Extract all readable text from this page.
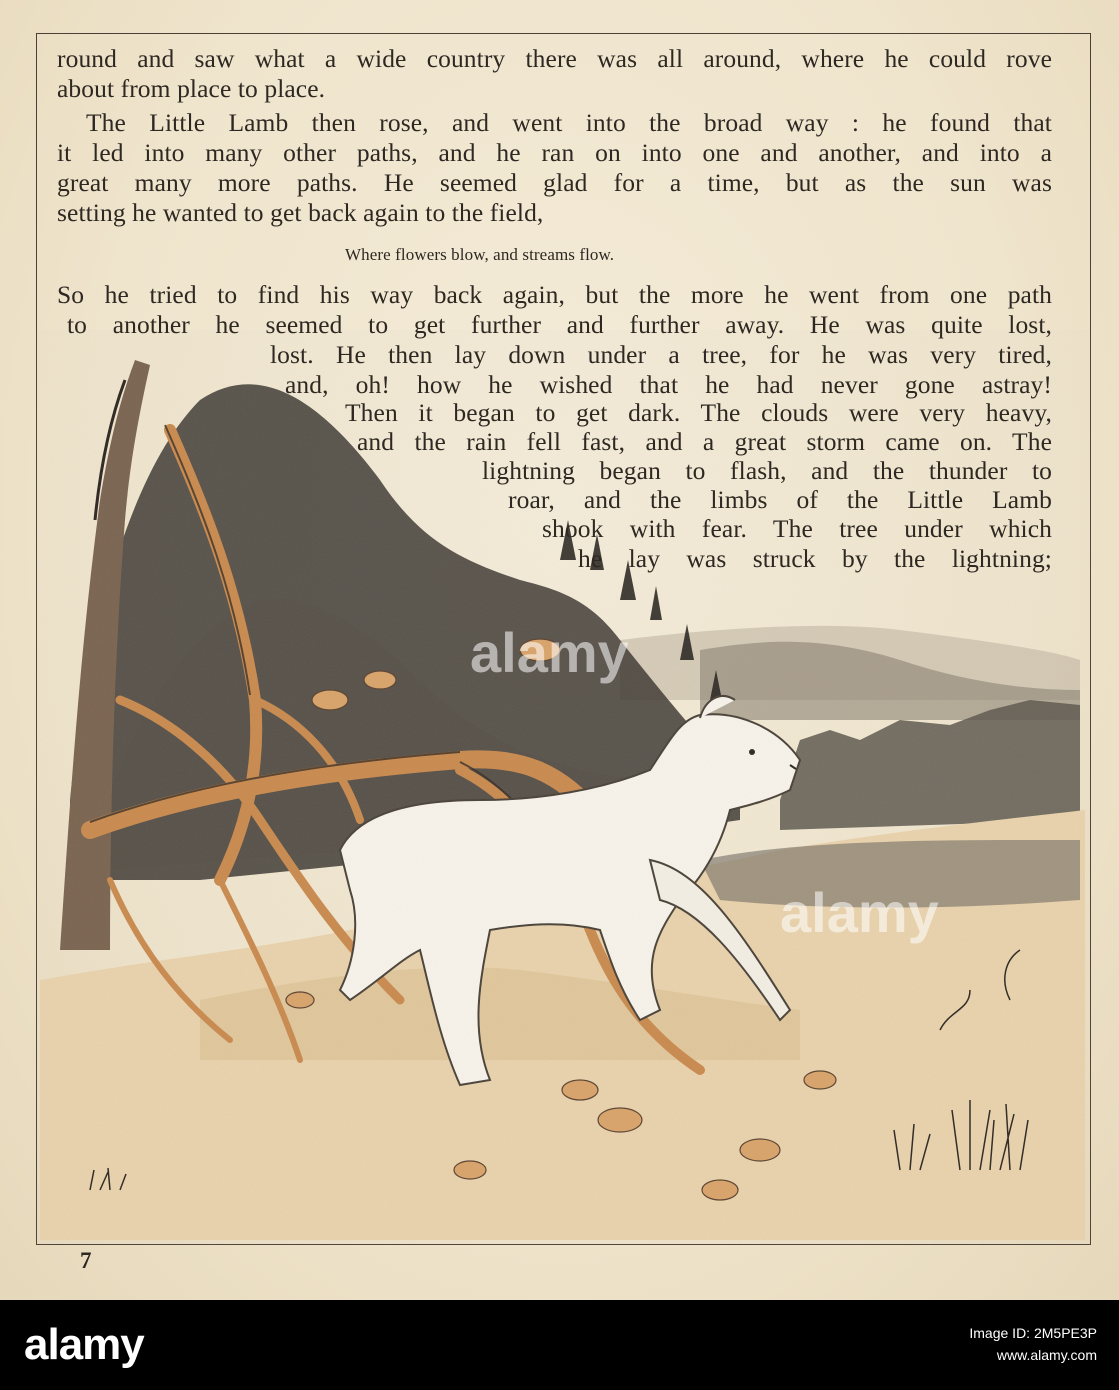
round and saw what a wide country there was all around, where he could rove
about from place to place.
The Little Lamb then rose, and went into the broad way : he found that
it led into many other paths, and he ran on into one and another, and into a
great many more paths. He seemed glad for a time, but as the sun was
setting he wanted to get back again to the field,
Where flowers blow, and streams flow.
So he tried to find his way back again, but the more he went from one path
to another he seemed to get further and further away. He was quite lost,
lost. He then lay down under a tree, for he was very tired,
and, oh! how he wished that he had never gone astray!
Then it began to get dark. The clouds were very heavy,
and the rain fell fast, and a great storm came on. The
lightning began to flash, and the thunder to
roar, and the limbs of the Little Lamb
shook with fear. The tree under which
he lay was struck by the lightning;
7
alamy
alamy
alamy	Image ID: 2M5PE3P
www.alamy.com
